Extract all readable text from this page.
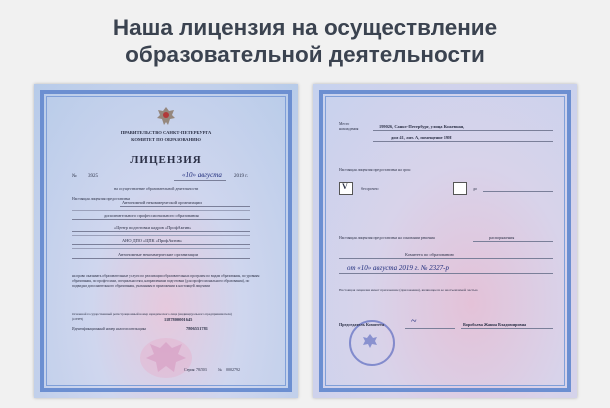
Наша лицензия на осуществление
образовательной деятельности
ПРАВИТЕЛЬСТВО САНКТ-ПЕТЕРБУРГА
КОМИТЕТ ПО ОБРАЗОВАНИЮ
ЛИЦЕНЗИЯ
№ 3925	«10» августа 2019 г.
на осуществление образовательной деятельности
Настоящая лицензия предоставлена
Автономной некоммерческой организации
дополнительного профессионального образования
«Центр подготовки кадров «ПрофАктив»
АНО ДПО «ЦПК «ПрофАктив»
Автономные некоммерческие организации
на право оказывать образовательные услуги по реализации образовательных программ по видам образования, по уровням образования, по профессиям, специальностям, направлениям подготовки (для профессионального образования), по подвидам дополнительного образования, указанным в приложении к настоящей лицензии
Основной государственный регистрационный номер юридического лица (индивидуального предпринимателя) (ОГРН)	1187800001645
Идентификационный номер налогоплательщика	7806551781
Серия 78Л03	№ 0002792
Место нахождения	199026, Санкт-Петербург, улица Кожевная,
дом 41, лит. А, помещение 19Н
Настоящая лицензия предоставлена на срок:
V	бессрочно	до
Настоящая лицензия предоставлена на основании решения	распоряжения
Комитета по образованию
от «10» августа 2019 г. № 2327-р
Настоящая лицензия имеет приложение (приложения), являющееся ее неотъемлемой частью
Председатель Комитета	~	Воробьева Жанна Владимировна
